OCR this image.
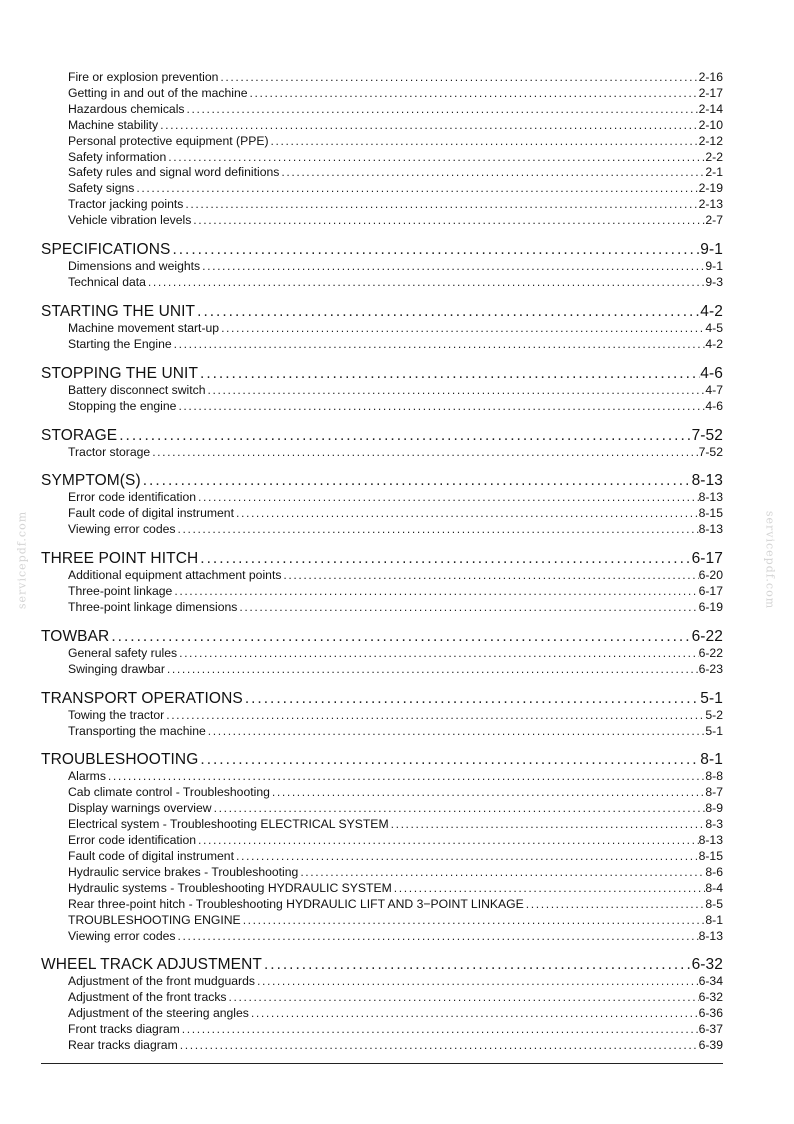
Fire or explosion prevention .....	2-16
Getting in and out of the machine .....	2-17
Hazardous chemicals .....	2-14
Machine stability .....	2-10
Personal protective equipment (PPE) .....	2-12
Safety information .....	2-2
Safety rules and signal word definitions .....	2-1
Safety signs .....	2-19
Tractor jacking points .....	2-13
Vehicle vibration levels .....	2-7
SPECIFICATIONS .....	9-1
Dimensions and weights .....	9-1
Technical data .....	9-3
STARTING THE UNIT .....	4-2
Machine movement start-up .....	4-5
Starting the Engine .....	4-2
STOPPING THE UNIT .....	4-6
Battery disconnect switch .....	4-7
Stopping the engine .....	4-6
STORAGE .....	7-52
Tractor storage .....	7-52
SYMPTOM(S) .....	8-13
Error code identification .....	8-13
Fault code of digital instrument .....	8-15
Viewing error codes .....	8-13
THREE POINT HITCH .....	6-17
Additional equipment attachment points .....	6-20
Three-point linkage .....	6-17
Three-point linkage dimensions .....	6-19
TOWBAR .....	6-22
General safety rules .....	6-22
Swinging drawbar .....	6-23
TRANSPORT OPERATIONS .....	5-1
Towing the tractor .....	5-2
Transporting the machine .....	5-1
TROUBLESHOOTING .....	8-1
Alarms .....	8-8
Cab climate control - Troubleshooting .....	8-7
Display warnings overview .....	8-9
Electrical system - Troubleshooting ELECTRICAL SYSTEM .....	8-3
Error code identification .....	8-13
Fault code of digital instrument .....	8-15
Hydraulic service brakes - Troubleshooting .....	8-6
Hydraulic systems - Troubleshooting HYDRAULIC SYSTEM .....	8-4
Rear three-point hitch - Troubleshooting HYDRAULIC LIFT AND 3−POINT LINKAGE .....	8-5
TROUBLESHOOTING ENGINE .....	8-1
Viewing error codes .....	8-13
WHEEL TRACK ADJUSTMENT .....	6-32
Adjustment of the front mudguards .....	6-34
Adjustment of the front tracks .....	6-32
Adjustment of the steering angles .....	6-36
Front tracks diagram .....	6-37
Rear tracks diagram .....	6-39
servicepdf.com	servicepdf.com
